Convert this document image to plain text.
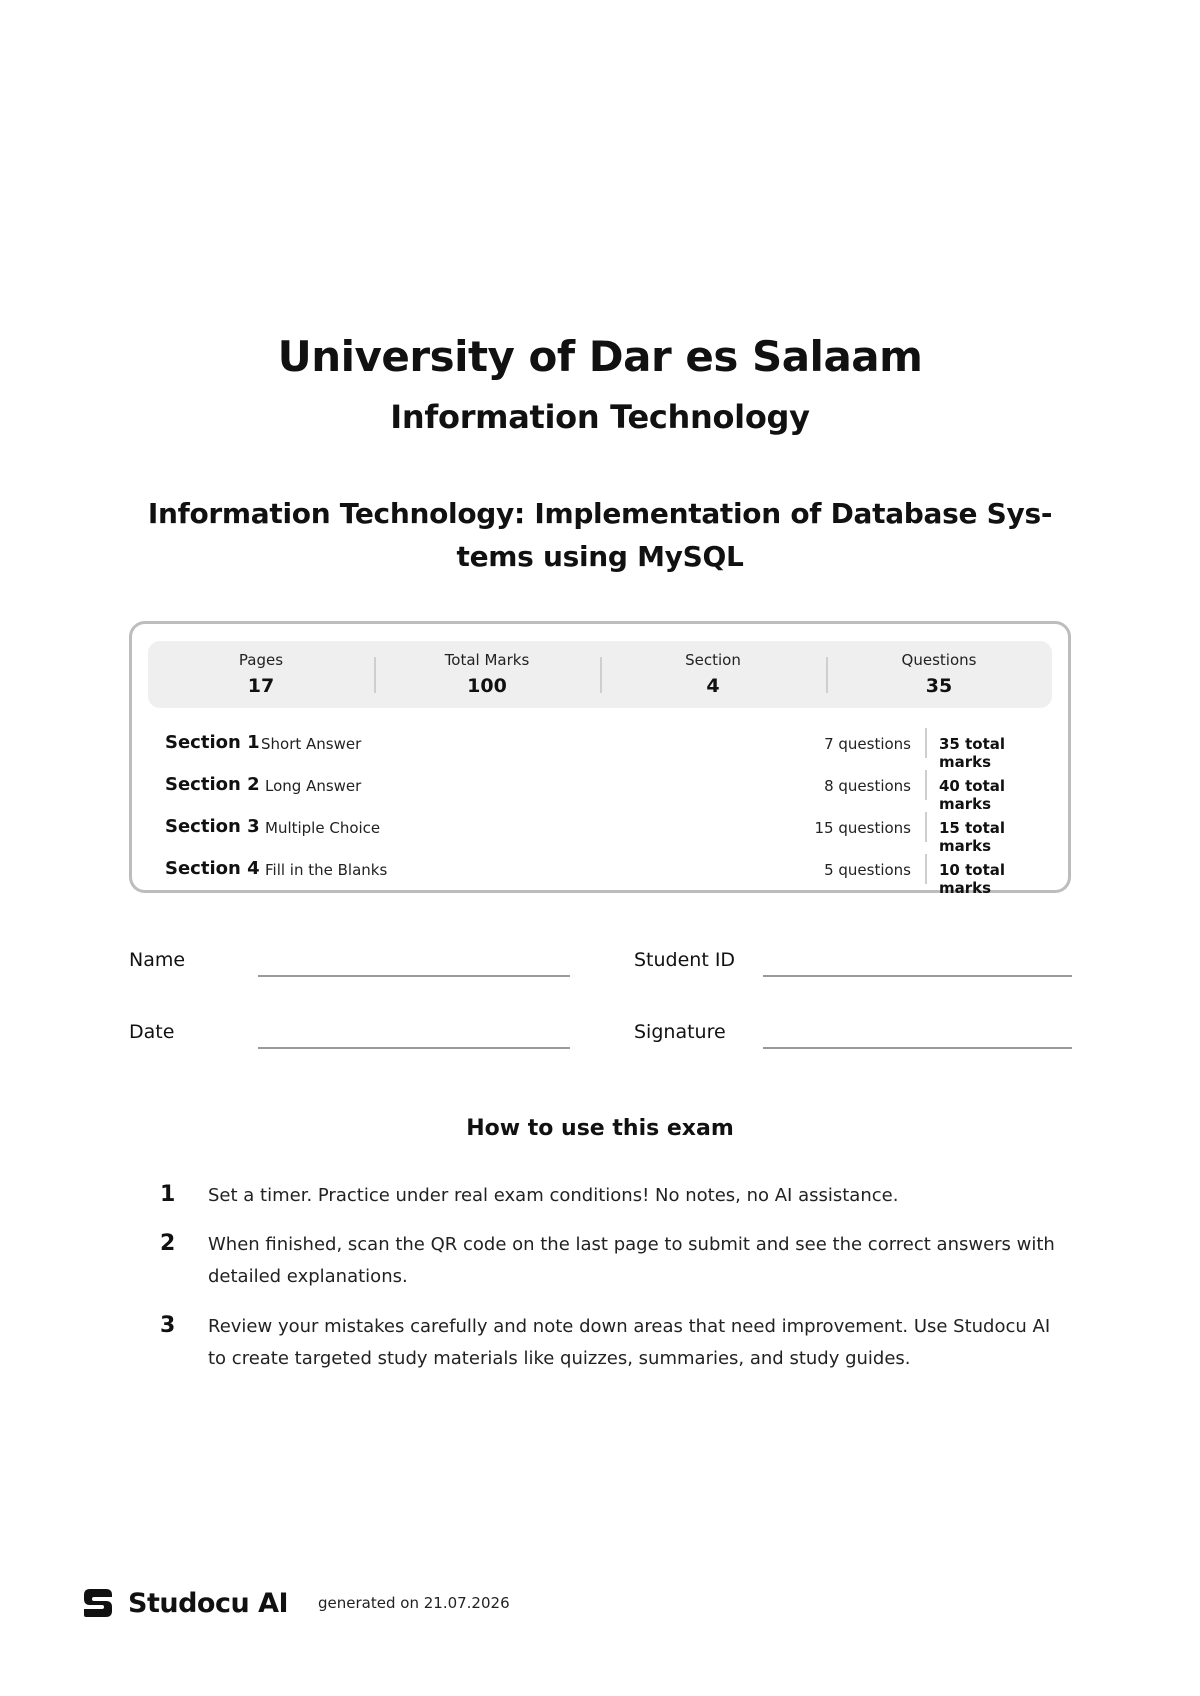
University of Dar es Salaam
Information Technology
Information Technology: Implementation of Database Sys-tems using MySQL
Pages
17
Total Marks
100
Section
4
Questions
35
Section 1 Short Answer	7 questions 35 total marks
Section 2 Long Answer	8 questions 40 total marks
Section 3 Multiple Choice	15 questions 15 total marks
Section 4 Fill in the Blanks	5 questions 10 total marks
Name	Student ID
Date	Signature
How to use this exam
1 Set a timer. Practice under real exam conditions! No notes, no AI assistance.
2 When finished, scan the QR code on the last page to submit and see the correct answers with detailed explanations.
3 Review your mistakes carefully and note down areas that need improvement. Use Studocu AI to create targeted study materials like quizzes, summaries, and study guides.
Studocu AI generated on 21.07.2026
